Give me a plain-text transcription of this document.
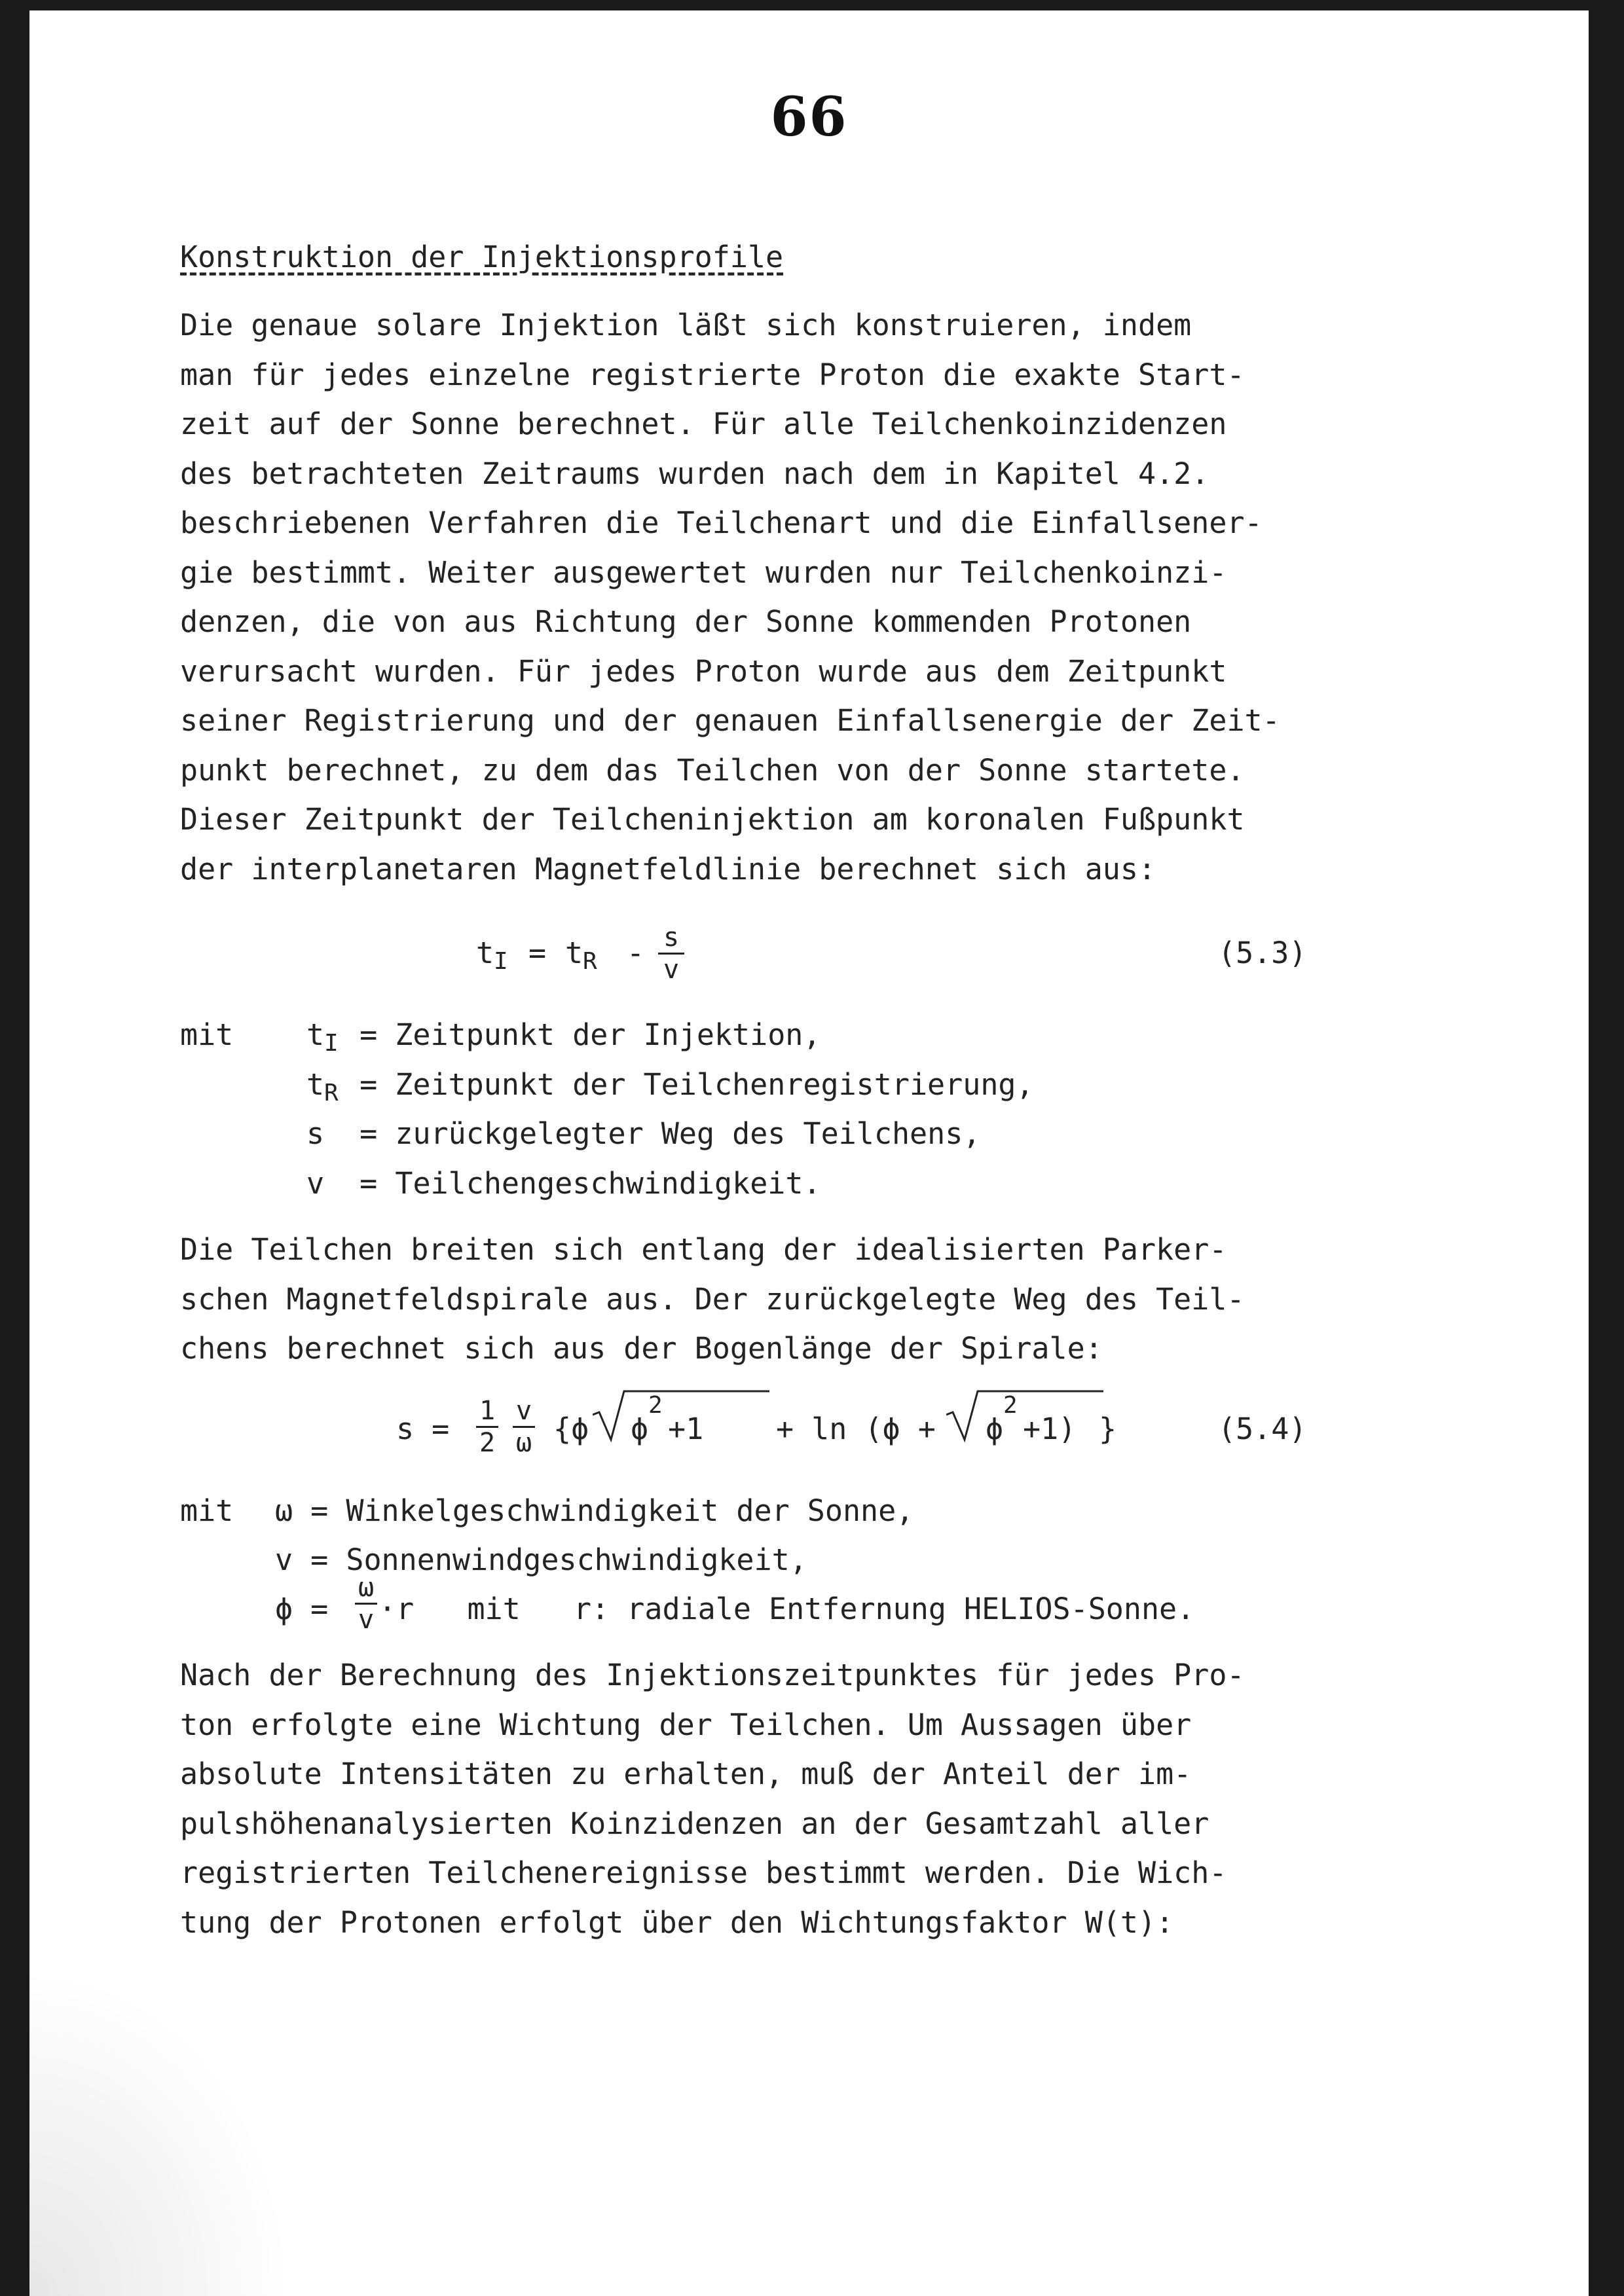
66
Konstruktion der Injektionsprofile
Die genaue solare Injektion läßt sich konstruieren, indem
man für jedes einzelne registrierte Proton die exakte Start-
zeit auf der Sonne berechnet. Für alle Teilchenkoinzidenzen
des betrachteten Zeitraums wurden nach dem in Kapitel 4.2.
beschriebenen Verfahren die Teilchenart und die Einfallsener-
gie bestimmt. Weiter ausgewertet wurden nur Teilchenkoinzi-
denzen, die von aus Richtung der Sonne kommenden Protonen
verursacht wurden. Für jedes Proton wurde aus dem Zeitpunkt
seiner Registrierung und der genauen Einfallsenergie der Zeit-
punkt berechnet, zu dem das Teilchen von der Sonne startete.
Dieser Zeitpunkt der Teilcheninjektion am koronalen Fußpunkt
der interplanetaren Magnetfeldlinie berechnet sich aus:
t I = t R - s
v	(5.3)
mit t I = Zeitpunkt der Injektion,
t R = Zeitpunkt der Teilchenregistrierung,
s = zurückgelegter Weg des Teilchens,
v = Teilchengeschwindigkeit.
Die Teilchen breiten sich entlang der idealisierten Parker-
schen Magnetfeldspirale aus. Der zurückgelegte Weg des Teil-
chens berechnet sich aus der Bogenlänge der Spirale:
s =
1
2
v
ω {ϕ ϕ
2
+1 + ln (ϕ + ϕ
2
+1) }	(5.4)
mit ω = Winkelgeschwindigkeit der Sonne,
v = Sonnenwindgeschwindigkeit,
ϕ =
ω
v ·r   mit   r: radiale Entfernung HELIOS-Sonne.
Nach der Berechnung des Injektionszeitpunktes für jedes Pro-
ton erfolgte eine Wichtung der Teilchen. Um Aussagen über
absolute Intensitäten zu erhalten, muß der Anteil der im-
pulshöhenanalysierten Koinzidenzen an der Gesamtzahl aller
registrierten Teilchenereignisse bestimmt werden. Die Wich-
tung der Protonen erfolgt über den Wichtungsfaktor W(t):
